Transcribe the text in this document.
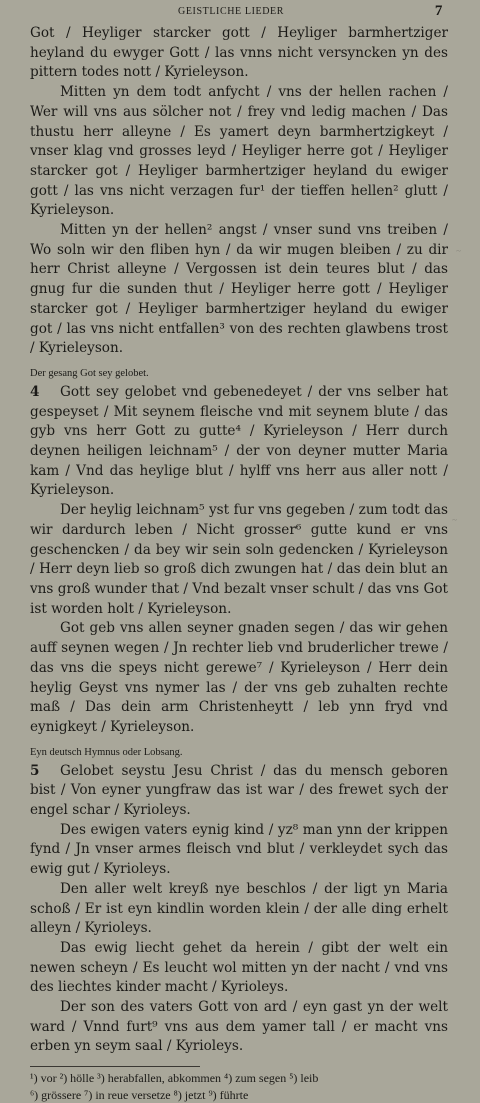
GEISTLICHE LIEDER	7

Got / Heyliger starcker gott / Heyliger barmhertziger heyland du ewyger Gott / las vnns nicht versyncken yn des pittern todes nott / Kyrieleyson.

Mitten yn dem todt anfycht / vns der hellen rachen / Wer will vns aus sölcher not / frey vnd ledig machen / Das thustu herr alleyne / Es yamert deyn barmhertzigkeyt / vnser klag vnd grosses leyd / Heyliger herre got / Heyliger starcker got / Heyliger barmhertziger heyland du ewiger gott / las vns nicht verzagen fur¹ der tieffen hellen² glutt / Kyrieleyson.

Mitten yn der hellen² angst / vnser sund vns treiben / Wo soln wir den fliben hyn / da wir mugen bleiben / zu dir herr Christ alleyne / Vergossen ist dein teures blut / das gnug fur die sunden thut / Heyliger herre gott / Heyliger starcker got / Heyliger barmhertziger heyland du ewiger got / las vns nicht entfallen³ von des rechten glawbens trost / Kyrieleyson.

Der gesang Got sey gelobet.

4 Gott sey gelobet vnd gebenedeyet / der vns selber hat gespeyset / Mit seynem fleische vnd mit seynem blute / das gyb vns herr Gott zu gutte⁴ / Kyrieleyson / Herr durch deynen heiligen leichnam⁵ / der von deyner mutter Maria kam / Vnd das heylige blut / hylff vns herr aus aller nott / Kyrieleyson.

Der heylig leichnam⁵ yst fur vns gegeben / zum todt das wir dardurch leben / Nicht grosser⁶ gutte kund er vns geschencken / da bey wir sein soln gedencken / Kyrieleyson / Herr deyn lieb so groß dich zwungen hat / das dein blut an vns groß wunder that / Vnd bezalt vnser schult / das vns Got ist worden holt / Kyrieleyson.

Got geb vns allen seyner gnaden segen / das wir gehen auff seynen wegen / Jn rechter lieb vnd bruderlicher trewe / das vns die speys nicht gerewe⁷ / Kyrieleyson / Herr dein heylig Geyst vns nymer las / der vns geb zuhalten rechte maß / Das dein arm Christenheytt / leb ynn fryd vnd eynigkeyt / Kyrieleyson.

Eyn deutsch Hymnus oder Lobsang.

5 Gelobet seystu Jesu Christ / das du mensch geboren bist / Von eyner yungfraw das ist war / des frewet sych der engel schar / Kyrioleys.

Des ewigen vaters eynig kind / yz⁸ man ynn der krippen fynd / Jn vnser armes fleisch vnd blut / verkleydet sych das ewig gut / Kyrioleys.

Den aller welt kreyß nye beschlos / der ligt yn Maria schoß / Er ist eyn kindlin worden klein / der alle ding erhelt alleyn / Kyrioleys.

Das ewig liecht gehet da herein / gibt der welt ein newen scheyn / Es leucht wol mitten yn der nacht / vnd vns des liechtes kinder macht / Kyrioleys.

Der son des vaters Gott von ard / eyn gast yn der welt ward / Vnnd furt⁹ vns aus dem yamer tall / er macht vns erben yn seym saal / Kyrioleys.

¹) vor ²) hölle ³) herabfallen, abkommen ⁴) zum segen ⁵) leib
⁶) grössere ⁷) in reue versetze ⁸) jetzt ⁹) führte
~
~
